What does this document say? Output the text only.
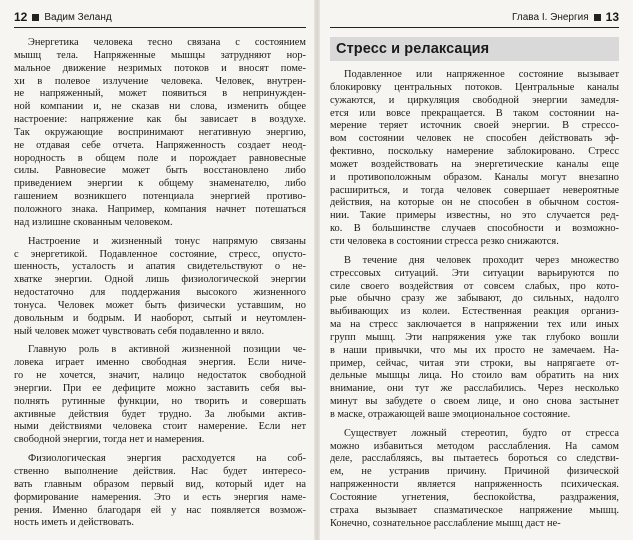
12 Вадим Зеланд
Энергетика человека тесно связана с состоянием
мышц тела. Напряженные мышцы затрудняют нор-
мальное движение незримых потоков и вносят поме-
хи в полевое излучение человека. Человек, внутрен-
не напряженный, может появиться в непринужден-
ной компании и, не сказав ни слова, изменить общее
настроение: напряжение как бы зависает в воздухе.
Так окружающие воспринимают негативную энергию,
не отдавая себе отчета. Напряженность создает неод-
нородность в общем поле и порождает равновесные
силы. Равновесие может быть восстановлено либо
приведением энергии к общему знаменателю, либо
гашением возникшего потенциала энергией противо-
положного знака. Например, компания начнет потешаться
над излишне скованным человеком.
Настроение и жизненный тонус напрямую связаны
с энергетикой. Подавленное состояние, стресс, опусто-
шенность, усталость и апатия свидетельствуют о не-
хватке энергии. Одной лишь физиологической энергии
недостаточно для поддержания высокого жизненного
тонуса. Человек может быть физически уставшим, но
довольным и бодрым. И наоборот, сытый и неутомлен-
ный человек может чувствовать себя подавленно и вяло.
Главную роль в активной жизненной позиции че-
ловека играет именно свободная энергия. Если ниче-
го не хочется, значит, налицо недостаток свободной
энергии. При ее дефиците можно заставить себя вы-
полнять рутинные функции, но творить и совершать
активные действия будет трудно. За любыми актив-
ными действиями человека стоит намерение. Если нет
свободной энергии, тогда нет и намерения.
Физиологическая энергия расходуется на соб-
ственно выполнение действия. Нас будет интересо-
вать главным образом первый вид, который идет на
формирование намерения. Это и есть энергия наме-
рения. Именно благодаря ей у нас появляется возмож-
ность иметь и действовать.
Глава I. Энергия 13
Стресс и релаксация
Подавленное или напряженное состояние вызывает
блокировку центральных потоков. Центральные каналы
сужаются, и циркуляция свободной энергии замедля-
ется или вовсе прекращается. В таком состоянии на-
мерение теряет источник своей энергии. В стрессо-
вом состоянии человек не способен действовать эф-
фективно, поскольку намерение заблокировано. Стресс
может воздействовать на энергетические каналы еще
и противоположным образом. Каналы могут внезапно
расшириться, и тогда человек совершает невероятные
действия, на которые он не способен в обычном состоя-
нии. Такие примеры известны, но это случается ред-
ко. В большинстве случаев способности и возможно-
сти человека в состоянии стресса резко снижаются.
В течение дня человек проходит через множество
стрессовых ситуаций. Эти ситуации варьируются по
силе своего воздействия от совсем слабых, про кото-
рые обычно сразу же забывают, до сильных, надолго
выбивающих из колеи. Естественная реакция организ-
ма на стресс заключается в напряжении тех или иных
групп мышц. Эти напряжения уже так глубоко вошли
в наши привычки, что мы их просто не замечаем. На-
пример, сейчас, читая эти строки, вы напрягаете от-
дельные мышцы лица. Но стоило вам обратить на них
внимание, они тут же расслабились. Через несколько
минут вы забудете о своем лице, и оно снова застынет
в маске, отражающей ваше эмоциональное состояние.
Существует ложный стереотип, будто от стресса
можно избавиться методом расслабления. На самом
деле, расслабляясь, вы пытаетесь бороться со следстви-
ем, не устранив причину. Причиной физической
напряженности является напряженность психическая.
Состояние угнетения, беспокойства, раздражения,
страха вызывает спазматическое напряжение мышц.
Конечно, сознательное расслабление мышц даст не-
